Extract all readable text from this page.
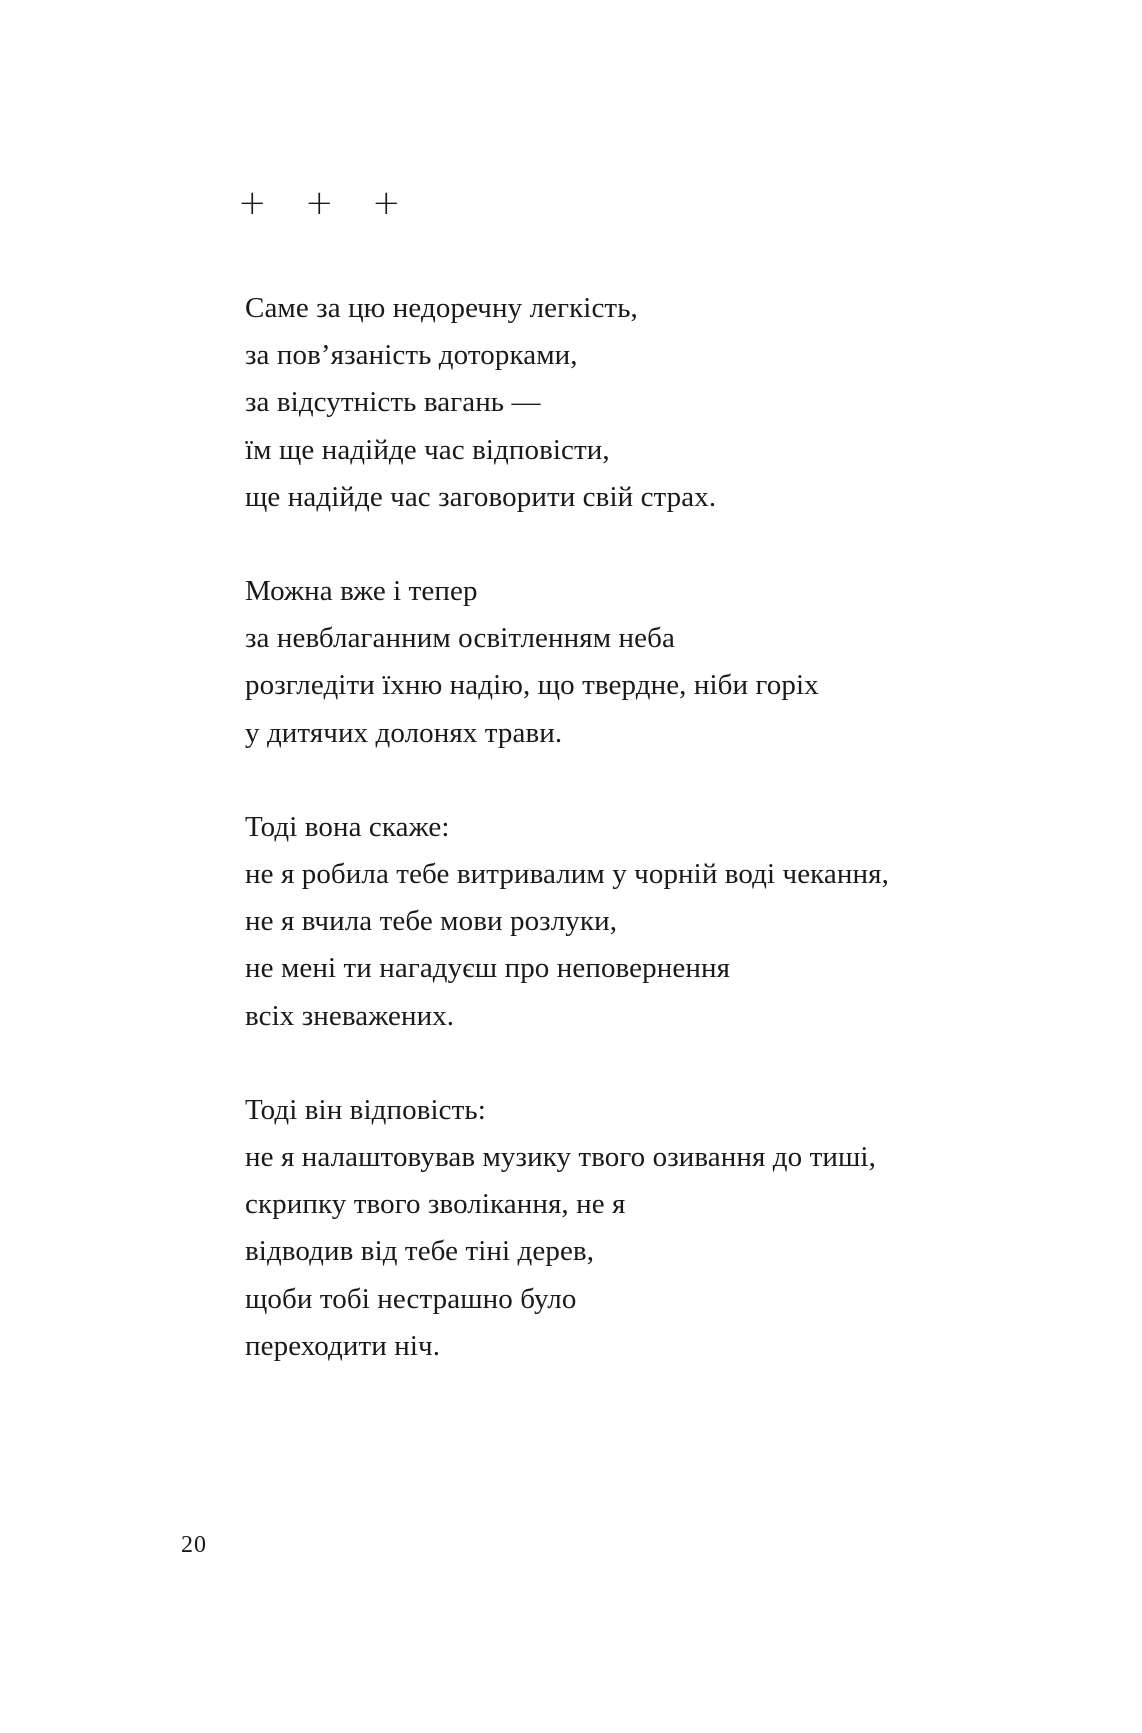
+	+	+
Саме за цю недоречну легкість,
за пов’язаність доторками,
за відсутність вагань —
їм ще надійде час відповісти,
ще надійде час заговорити свій страх.
Можна вже і тепер
за невблаганним освітленням неба
розгледіти їхню надію, що тверднe, ніби горіх
у дитячих долонях трави.
Тоді вона скаже:
не я робила тебе витривалим у чорній воді чекання,
не я вчила тебе мови розлуки,
не мені ти нагадуєш про неповернення
всіх зневажених.
Тоді він відповість:
не я налаштовував музику твого озивання до тиші,
скрипку твого зволікання, не я
відводив від тебе тіні дерев,
щоби тобі нестрашно було
переходити ніч.
20
